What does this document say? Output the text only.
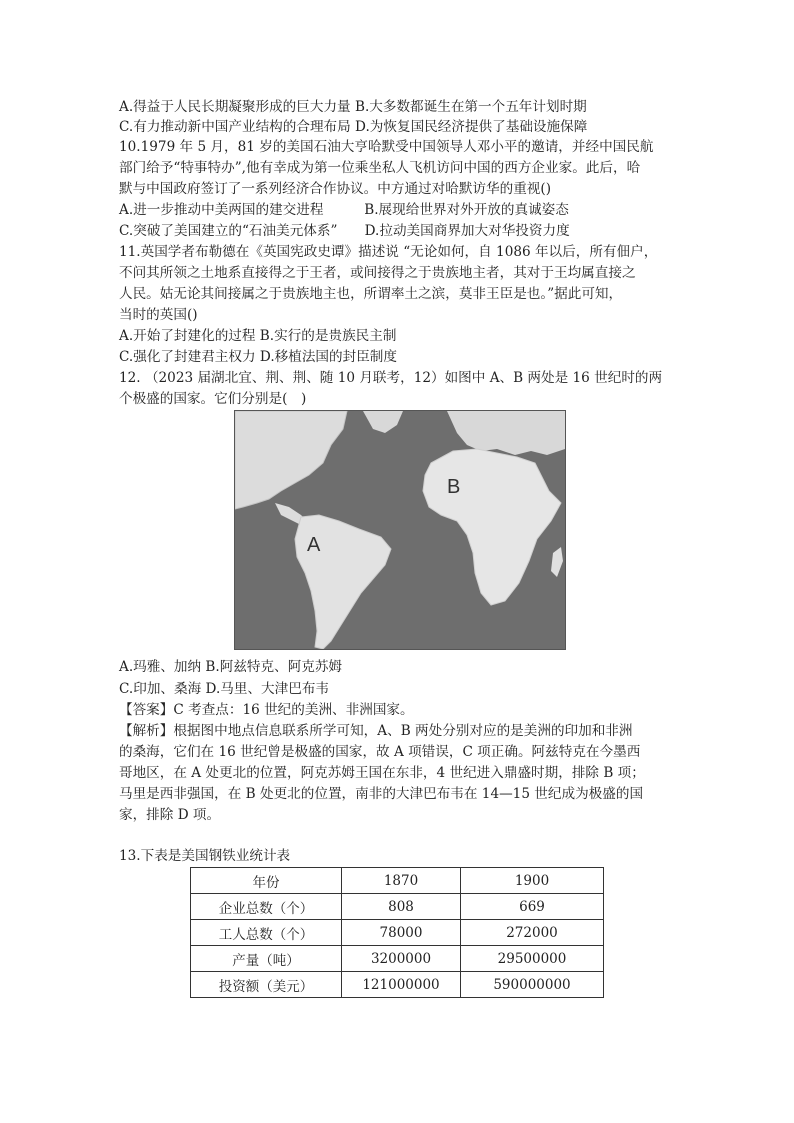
A.得益于人民长期凝聚形成的巨大力量 B.大多数都诞生在第一个五年计划时期
C.有力推动新中国产业结构的合理布局 D.为恢复国民经济提供了基础设施保障
10.1979 年 5 月，81 岁的美国石油大亨哈默受中国领导人邓小平的邀请，并经中国民航
部门给予“特事特办”,他有幸成为第一位乘坐私人飞机访问中国的西方企业家。此后，哈
默与中国政府签订了一系列经济合作协议。中方通过对哈默访华的重视()
A.进一步推动中美两国的建交进程　　　B.展现给世界对外开放的真诚姿态
C.突破了美国建立的“石油美元体系”　　D.拉动美国商界加大对华投资力度
11.英国学者布勒德在《英国宪政史谭》描述说 “无论如何，自 1086 年以后，所有佃户，
不问其所领之土地系直接得之于王者，或间接得之于贵族地主者，其对于王均属直接之
人民。姑无论其间接属之于贵族地主也，所谓率土之滨，莫非王臣是也。”据此可知，
当时的英国()
A.开始了封建化的过程 B.实行的是贵族民主制
C.强化了封建君主权力 D.移植法国的封臣制度
12. （2023 届湖北宜、荆、荆、随 10 月联考，12）如图中 A、B 两处是 16 世纪时的两
个极盛的国家。它们分别是(　)
A
B
A.玛雅、加纳 B.阿兹特克、阿克苏姆
C.印加、桑海 D.马里、大津巴布韦
【答案】C 考查点：16 世纪的美洲、非洲国家。
【解析】根据图中地点信息联系所学可知，A、B 两处分别对应的是美洲的印加和非洲
的桑海，它们在 16 世纪曾是极盛的国家，故 A 项错误，C 项正确。阿兹特克在今墨西
哥地区，在 A 处更北的位置，阿克苏姆王国在东非，4 世纪进入鼎盛时期，排除 B 项；
马里是西非强国，在 B 处更北的位置，南非的大津巴布韦在 14—15 世纪成为极盛的国
家，排除 D 项。
13.下表是美国钢铁业统计表
年份	1870	1900
企业总数（个）	808	669
工人总数（个）	78000	272000
产量（吨）	3200000	29500000
投资额（美元）	121000000	590000000
